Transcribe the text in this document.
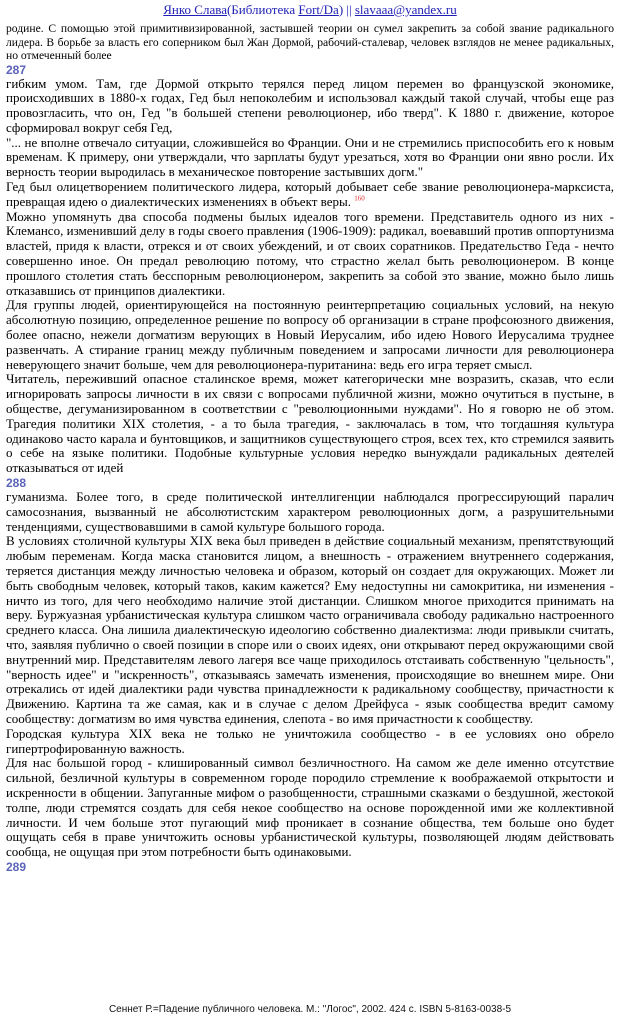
Янко Слава(Библиотека Fort/Da) || slavaaa@yandex.ru

родине. С помощью этой примитивизированной, застывшей теории он сумел закрепить за собой звание радикального лидера. В борьбе за власть его соперником был Жан Дормой, рабочий-сталевар, человек взглядов не менее радикальных, но отмеченный более

287

гибким умом. Там, где Дормой открыто терялся перед лицом перемен во французской экономике, происходивших в 1880-х годах, Гед был непоколебим и использовал каждый такой случай, чтобы еще раз провозгласить, что он, Гед "в большей степени революционер, ибо тверд". К 1880 г. движение, которое сформировал вокруг себя Гед,

"... не вполне отвечало ситуации, сложившейся во Франции. Они и не стремились приспособить его к новым временам. К примеру, они утверждали, что зарплаты будут урезаться, хотя во Франции они явно росли. Их верность теории выродилась в механическое повторение застывших догм."

Гед был олицетворением политического лидера, который добывает себе звание революционера-марксиста, превращая идею о диалектических изменениях в объект веры. $^{160}$

Можно упомянуть два способа подмены былых идеалов того времени. Представитель одного из них - Клемансо, изменивший делу в годы своего правления (1906-1909): радикал, воевавший против оппортунизма властей, придя к власти, отрекся и от своих убеждений, и от своих соратников. Предательство Геда - нечто совершенно иное. Он предал революцию потому, что страстно желал быть революционером. В конце прошлого столетия стать бесспорным революционером, закрепить за собой это звание, можно было лишь отказавшись от принципов диалектики.

Для группы людей, ориентирующейся на постоянную реинтерпретацию социальных условий, на некую абсолютную позицию, определенное решение по вопросу об организации в стране профсоюзного движения, более опасно, нежели догматизм верующих в Новый Иерусалим, ибо идею Нового Иерусалима труднее развенчать. А стирание границ между публичным поведением и запросами личности для революционера неверующего значит больше, чем для революционера-пуританина: ведь его игра теряет смысл.

Читатель, переживший опасное сталинское время, может категорически мне возразить, сказав, что если игнорировать запросы личности в их связи с вопросами публичной жизни, можно очутиться в пустыне, в обществе, дегуманизированном в соответствии с "революционными нуждами". Но я говорю не об этом. Трагедия политики XIX столетия, - а то была трагедия, - заключалась в том, что тогдашняя культура одинаково часто карала и бунтовщиков, и защитников существующего строя, всех тех, кто стремился заявить о себе на языке политики. Подобные культурные условия нередко вынуждали радикальных деятелей отказываться от идей

288

гуманизма. Более того, в среде политической интеллигенции наблюдался прогрессирующий паралич самосознания, вызванный не абсолютистским характером революционных догм, а разрушительными тенденциями, существовавшими в самой культуре большого города.

В условиях столичной культуры XIX века был приведен в действие социальный механизм, препятствующий любым переменам. Когда маска становится лицом, а внешность - отражением внутреннего содержания, теряется дистанция между личностью человека и образом, который он создает для окружающих. Может ли быть свободным человек, который таков, каким кажется? Ему недоступны ни самокритика, ни изменения - ничто из того, для чего необходимо наличие этой дистанции. Слишком многое приходится принимать на веру. Буржуазная урбанистическая культура слишком часто ограничивала свободу радикально настроенного среднего класса. Она лишила диалектическую идеологию собственно диалектизма: люди привыкли считать, что, заявляя публично о своей позиции в споре или о своих идеях, они открывают перед окружающими свой внутренний мир. Представителям левого лагеря все чаще приходилось отстаивать собственную "цельность", "верность идее" и "искренность", отказываясь замечать изменения, происходящие во внешнем мире. Они отрекались от идей диалектики ради чувства принадлежности к радикальному сообществу, причастности к Движению. Картина та же самая, как и в случае с делом Дрейфуса - язык сообщества вредит самому сообществу: догматизм во имя чувства единения, слепота - во имя причастности к сообществу.

Городская культура XIX века не только не уничтожила сообщество - в ее условиях оно обрело гипертрофированную важность.

Для нас большой город - клишированный символ безличностного. На самом же деле именно отсутствие сильной, безличной культуры в современном городе породило стремление к воображаемой открытости и искренности в общении. Запуганные мифом о разобщенности, страшными сказками о бездушной, жестокой толпе, люди стремятся создать для себя некое сообщество на основе порожденной ими же коллективной личности. И чем больше этот пугающий миф проникает в сознание общества, тем больше оно будет ощущать себя в праве уничтожить основы урбанистической культуры, позволяющей людям действовать сообща, не ощущая при этом потребности быть одинаковыми.

289
Сеннет Р.=Падение публичного человека. М.: "Логос", 2002. 424 с. ISBN 5-8163-0038-5
